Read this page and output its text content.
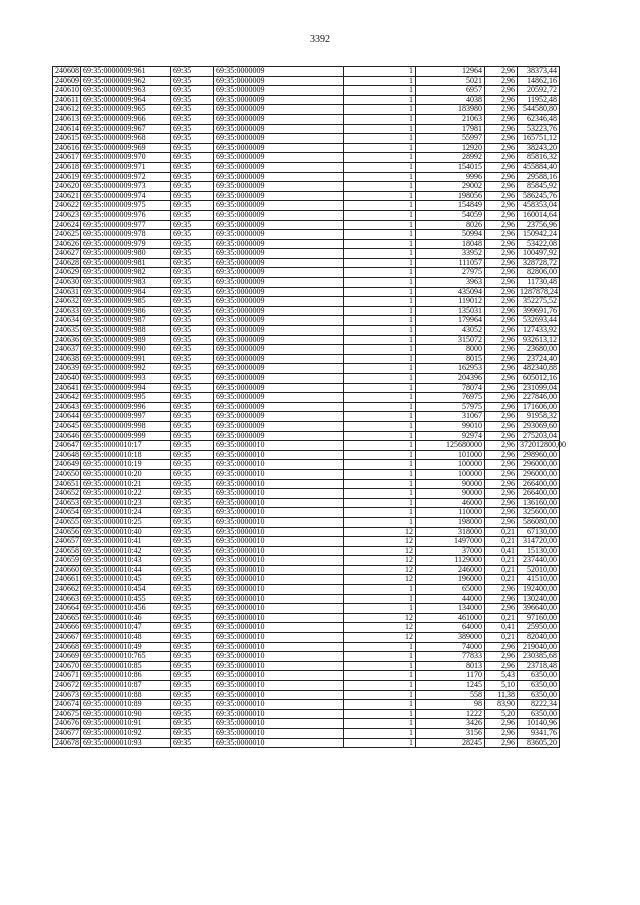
3392
240608	69:35:0000009:961	69:35	69:35:0000009	1	12964	2,96	38373,44
240609	69:35:0000009:962	69:35	69:35:0000009	1	5021	2,96	14862,16
240610	69:35:0000009:963	69:35	69:35:0000009	1	6957	2,96	20592,72
240611	69:35:0000009:964	69:35	69:35:0000009	1	4038	2,96	11952,48
240612	69:35:0000009:965	69:35	69:35:0000009	1	183980	2,96	544580,80
240613	69:35:0000009:966	69:35	69:35:0000009	1	21063	2,96	62346,48
240614	69:35:0000009:967	69:35	69:35:0000009	1	17981	2,96	53223,76
240615	69:35:0000009:968	69:35	69:35:0000009	1	55997	2,96	165751,12
240616	69:35:0000009:969	69:35	69:35:0000009	1	12920	2,96	38243,20
240617	69:35:0000009:970	69:35	69:35:0000009	1	28992	2,96	85816,32
240618	69:35:0000009:971	69:35	69:35:0000009	1	154015	2,96	455884,40
240619	69:35:0000009:972	69:35	69:35:0000009	1	9996	2,96	29588,16
240620	69:35:0000009:973	69:35	69:35:0000009	1	29002	2,96	85845,92
240621	69:35:0000009:974	69:35	69:35:0000009	1	198056	2,96	586245,76
240622	69:35:0000009:975	69:35	69:35:0000009	1	154849	2,96	458353,04
240623	69:35:0000009:976	69:35	69:35:0000009	1	54059	2,96	160014,64
240624	69:35:0000009:977	69:35	69:35:0000009	1	8026	2,96	23756,96
240625	69:35:0000009:978	69:35	69:35:0000009	1	50994	2,96	150942,24
240626	69:35:0000009:979	69:35	69:35:0000009	1	18048	2,96	53422,08
240627	69:35:0000009:980	69:35	69:35:0000009	1	33952	2,96	100497,92
240628	69:35:0000009:981	69:35	69:35:0000009	1	111057	2,96	328728,72
240629	69:35:0000009:982	69:35	69:35:0000009	1	27975	2,96	82806,00
240630	69:35:0000009:983	69:35	69:35:0000009	1	3963	2,96	11730,48
240631	69:35:0000009:984	69:35	69:35:0000009	1	435094	2,96	1287878,24
240632	69:35:0000009:985	69:35	69:35:0000009	1	119012	2,96	352275,52
240633	69:35:0000009:986	69:35	69:35:0000009	1	135031	2,96	399691,76
240634	69:35:0000009:987	69:35	69:35:0000009	1	179964	2,96	532693,44
240635	69:35:0000009:988	69:35	69:35:0000009	1	43052	2,96	127433,92
240636	69:35:0000009:989	69:35	69:35:0000009	1	315072	2,96	932613,12
240637	69:35:0000009:990	69:35	69:35:0000009	1	8000	2,96	23680,00
240638	69:35:0000009:991	69:35	69:35:0000009	1	8015	2,96	23724,40
240639	69:35:0000009:992	69:35	69:35:0000009	1	162953	2,96	482340,88
240640	69:35:0000009:993	69:35	69:35:0000009	1	204396	2,96	605012,16
240641	69:35:0000009:994	69:35	69:35:0000009	1	78074	2,96	231099,04
240642	69:35:0000009:995	69:35	69:35:0000009	1	76975	2,96	227846,00
240643	69:35:0000009:996	69:35	69:35:0000009	1	57975	2,96	171606,00
240644	69:35:0000009:997	69:35	69:35:0000009	1	31067	2,96	91958,32
240645	69:35:0000009:998	69:35	69:35:0000009	1	99010	2,96	293069,60
240646	69:35:0000009:999	69:35	69:35:0000009	1	92974	2,96	275203,04
240647	69:35:0000010:17	69:35	69:35:0000010	1	125680000	2,96	372012800,00
240648	69:35:0000010:18	69:35	69:35:0000010	1	101000	2,96	298960,00
240649	69:35:0000010:19	69:35	69:35:0000010	1	100000	2,96	296000,00
240650	69:35:0000010:20	69:35	69:35:0000010	1	100000	2,96	296000,00
240651	69:35:0000010:21	69:35	69:35:0000010	1	90000	2,96	266400,00
240652	69:35:0000010:22	69:35	69:35:0000010	1	90000	2,96	266400,00
240653	69:35:0000010:23	69:35	69:35:0000010	1	46000	2,96	136160,00
240654	69:35:0000010:24	69:35	69:35:0000010	1	110000	2,96	325600,00
240655	69:35:0000010:25	69:35	69:35:0000010	1	198000	2,96	586080,00
240656	69:35:0000010:40	69:35	69:35:0000010	12	318000	0,21	67130,00
240657	69:35:0000010:41	69:35	69:35:0000010	12	1497000	0,21	314720,00
240658	69:35:0000010:42	69:35	69:35:0000010	12	37000	0,41	15130,00
240659	69:35:0000010:43	69:35	69:35:0000010	12	1129000	0,21	237440,00
240660	69:35:0000010:44	69:35	69:35:0000010	12	246000	0,21	52010,00
240661	69:35:0000010:45	69:35	69:35:0000010	12	196000	0,21	41510,00
240662	69:35:0000010:454	69:35	69:35:0000010	1	65000	2,96	192400,00
240663	69:35:0000010:455	69:35	69:35:0000010	1	44000	2,96	130240,00
240664	69:35:0000010:456	69:35	69:35:0000010	1	134000	2,96	396640,00
240665	69:35:0000010:46	69:35	69:35:0000010	12	461000	0,21	97160,00
240666	69:35:0000010:47	69:35	69:35:0000010	12	64000	0,41	25950,00
240667	69:35:0000010:48	69:35	69:35:0000010	12	389000	0,21	82040,00
240668	69:35:0000010:49	69:35	69:35:0000010	1	74000	2,96	219040,00
240669	69:35:0000010:765	69:35	69:35:0000010	1	77833	2,96	230385,68
240670	69:35:0000010:85	69:35	69:35:0000010	1	8013	2,96	23718,48
240671	69:35:0000010:86	69:35	69:35:0000010	1	1170	5,43	6350,00
240672	69:35:0000010:87	69:35	69:35:0000010	1	1245	5,10	6350,00
240673	69:35:0000010:88	69:35	69:35:0000010	1	558	11,38	6350,00
240674	69:35:0000010:89	69:35	69:35:0000010	1	98	83,90	8222,34
240675	69:35:0000010:90	69:35	69:35:0000010	1	1222	5,20	6350,00
240676	69:35:0000010:91	69:35	69:35:0000010	1	3426	2,96	10140,96
240677	69:35:0000010:92	69:35	69:35:0000010	1	3156	2,96	9341,76
240678	69:35:0000010:93	69:35	69:35:0000010	1	28245	2,96	83605,20
